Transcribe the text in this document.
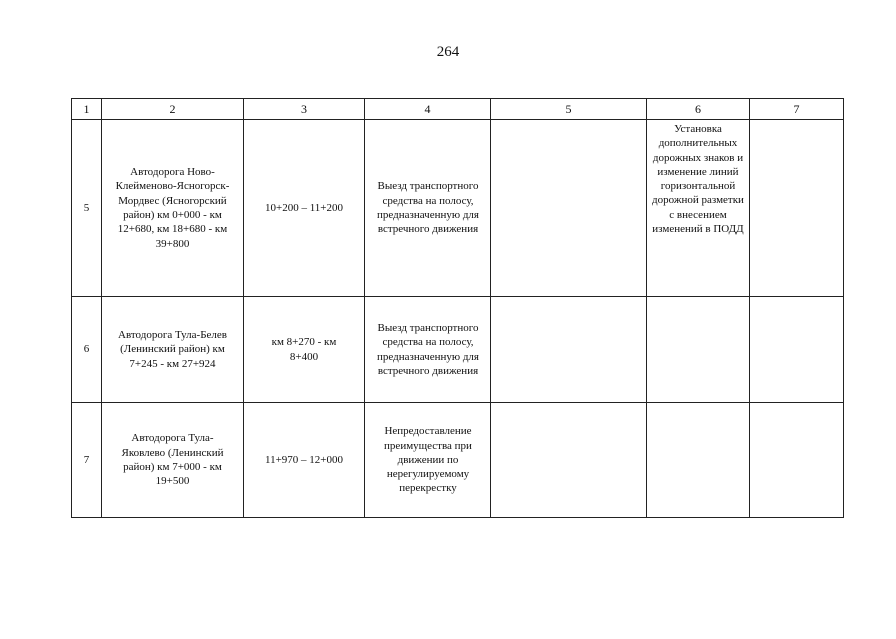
264
1	2	3	4	5	6	7
5	Автодорога Ново-Клейменово-Ясногорск-Мордвес (Ясногорский район) км 0+000 - км 12+680, км 18+680 - км 39+800	10+200 – 11+200	Выезд транспортного средства на полосу, предназначенную для встречного движения		Установка дополнительных дорожных знаков и изменение линий горизонтальной дорожной разметки с внесением изменений в ПОДД	
6	Автодорога Тула-Белев (Ленинский район) км 7+245 - км 27+924	км 8+270 - км 8+400	Выезд транспортного средства на полосу, предназначенную для встречного движения			
7	Автодорога Тула-Яковлево (Ленинский район) км 7+000 - км 19+500	11+970 – 12+000	Непредоставление преимущества при движении по нерегулируемому перекрестку			
